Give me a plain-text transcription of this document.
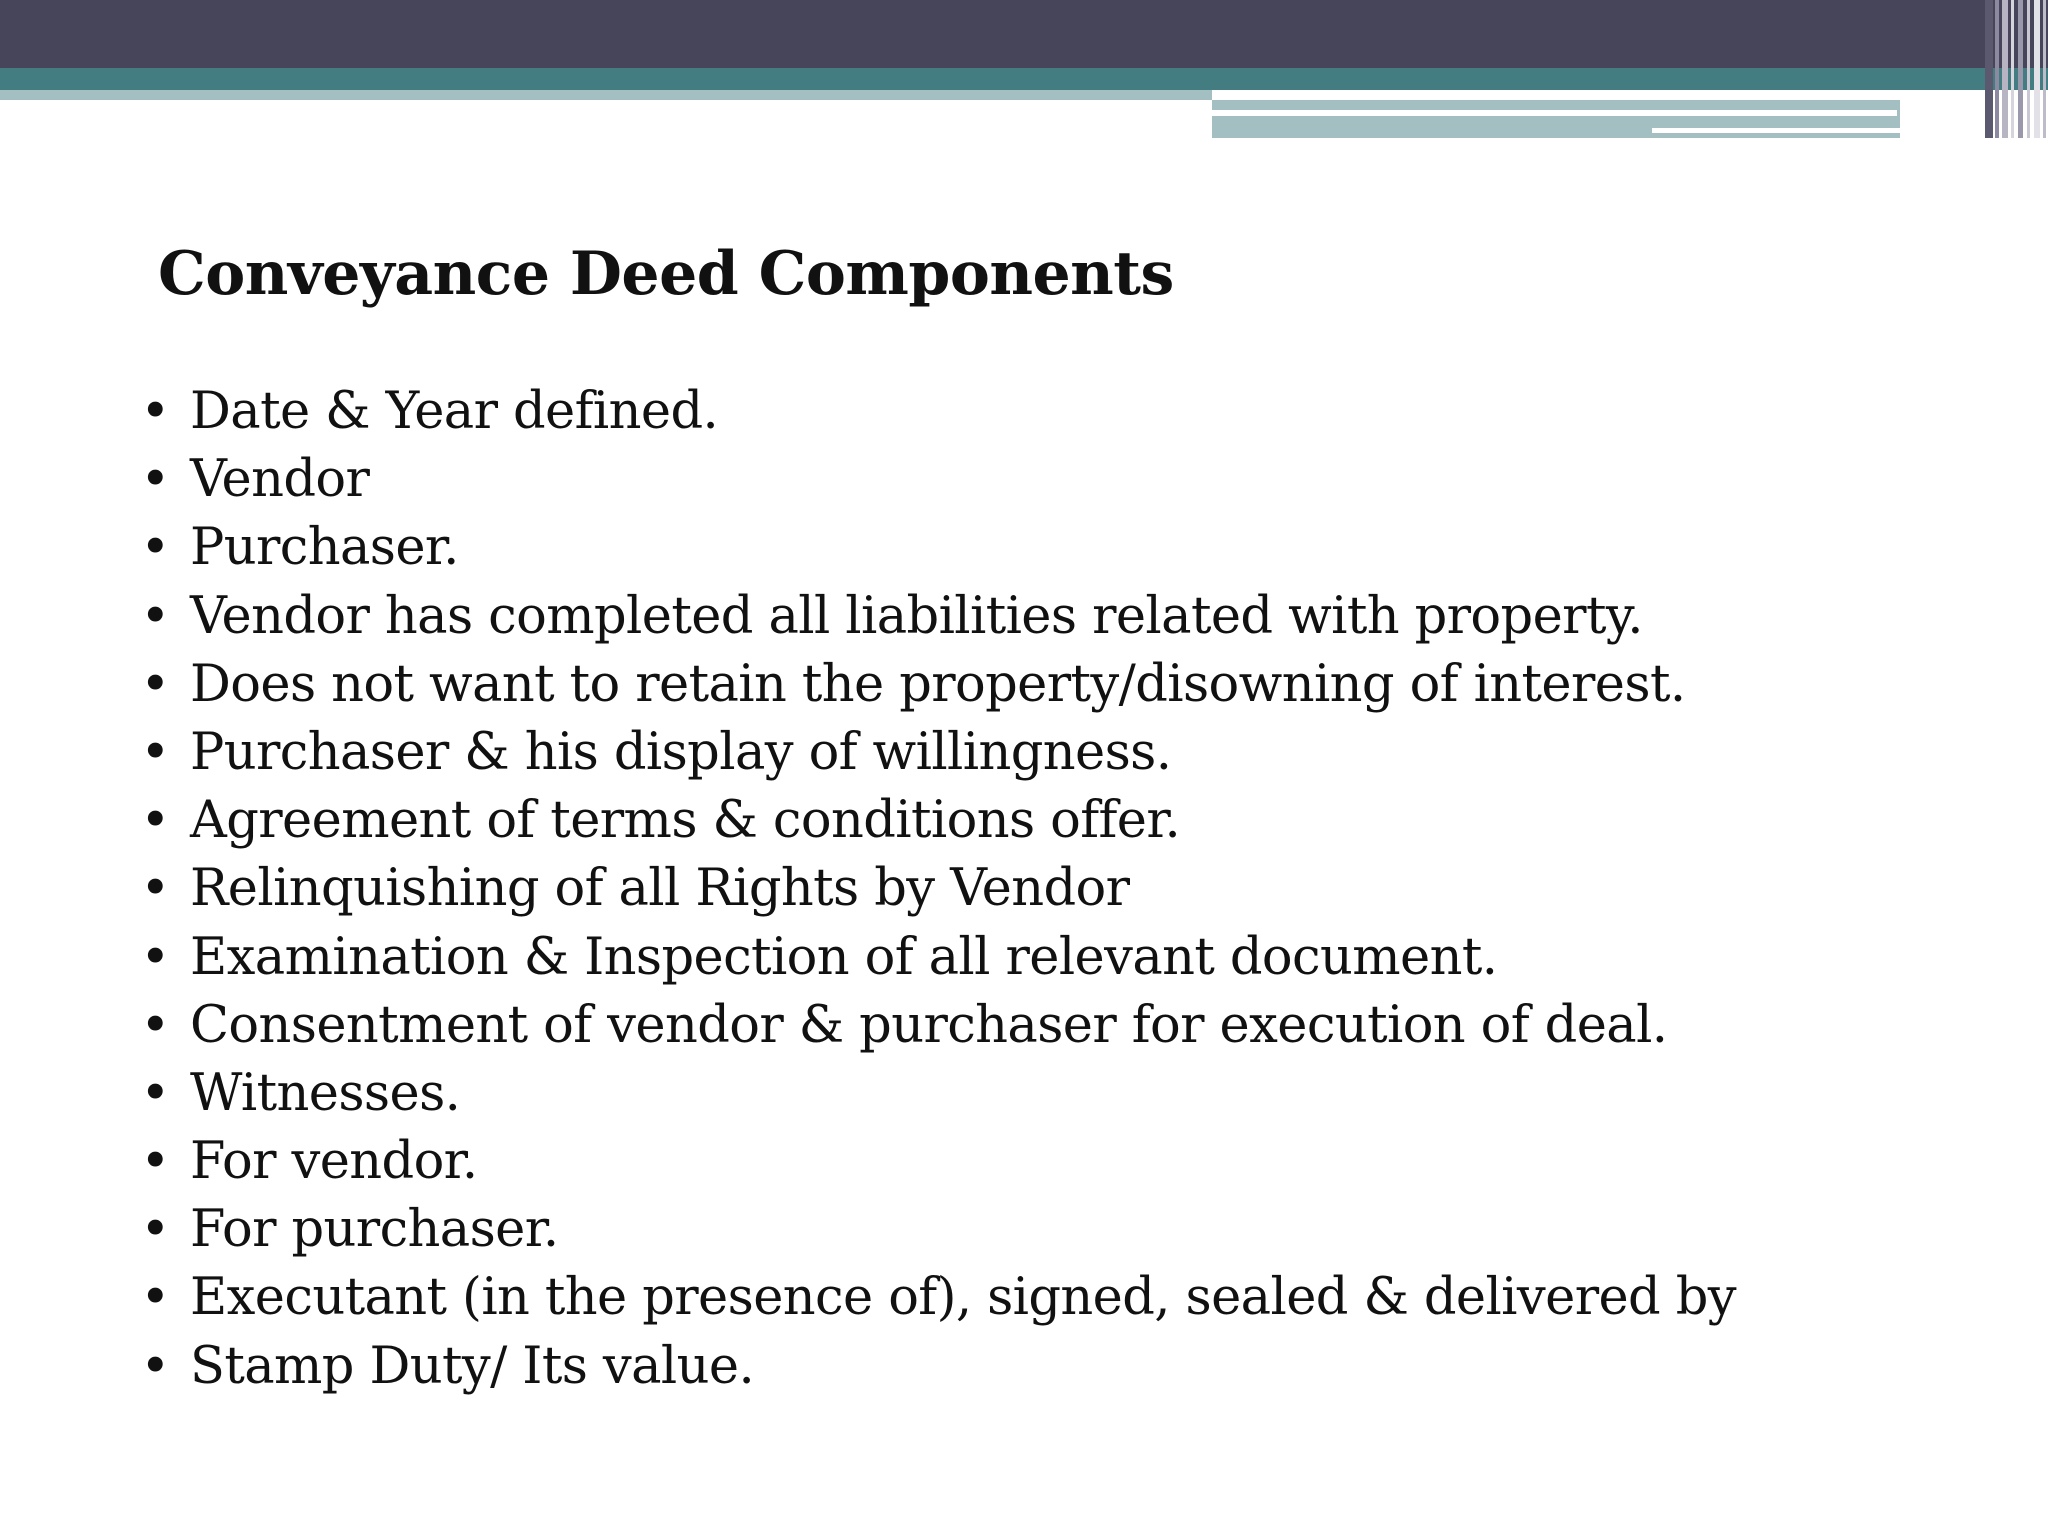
Conveyance Deed Components
• Date & Year defined.
• Vendor
• Purchaser.
• Vendor has completed all liabilities related with property.
• Does not want to retain the property/disowning of interest.
• Purchaser & his display of willingness.
• Agreement of terms & conditions offer.
• Relinquishing of all Rights by Vendor
• Examination & Inspection of all relevant document.
• Consentment of vendor & purchaser for execution of deal.
• Witnesses.
• For vendor.
• For purchaser.
• Executant (in the presence of), signed, sealed & delivered by
• Stamp Duty/ Its value.
